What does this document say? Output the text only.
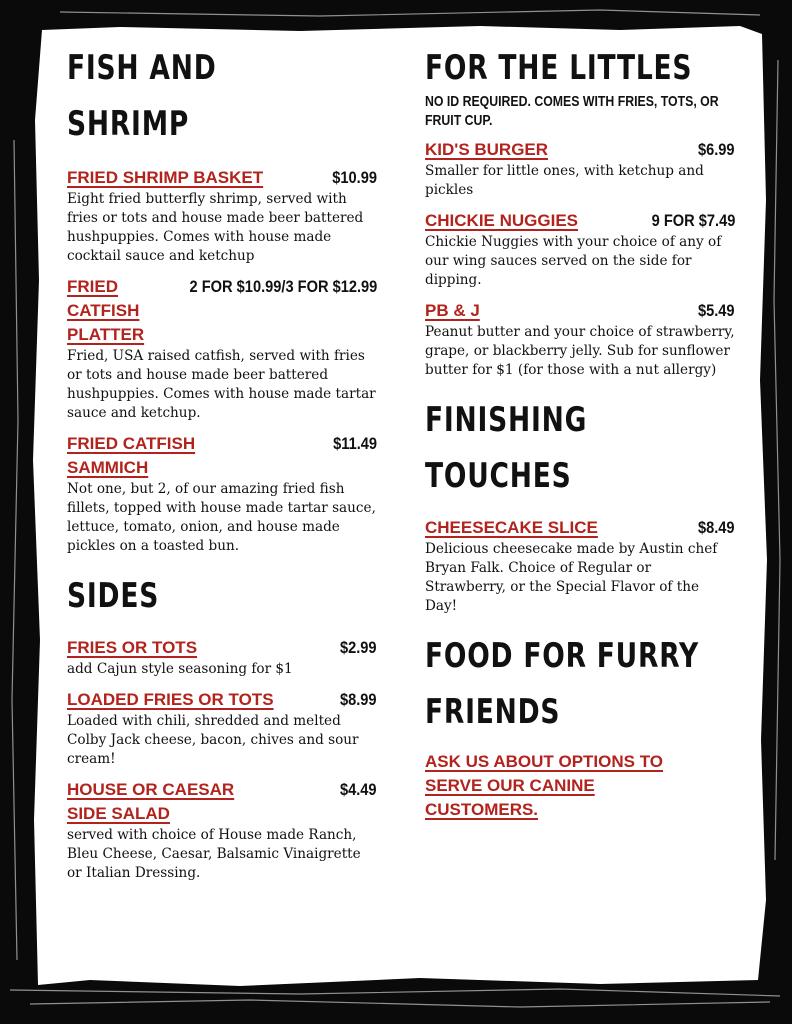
FISH AND
SHRIMP
FRIED SHRIMP BASKET	$10.99
Eight fried butterfly shrimp, served with fries or tots and house made beer battered hushpuppies. Comes with house made cocktail sauce and ketchup
FRIED
CATFISH PLATTER
2 FOR $10.99/3 FOR $12.99
Fried, USA raised catfish, served with fries or tots and house made beer battered hushpuppies. Comes with house made tartar sauce and ketchup.
FRIED CATFISH
SAMMICH
$11.49
Not one, but 2, of our amazing fried fish fillets, topped with house made tartar sauce, lettuce, tomato, onion, and house made pickles on a toasted bun.
SIDES
FRIES OR TOTS	$2.99
add Cajun style seasoning for $1
LOADED FRIES OR TOTS	$8.99
Loaded with chili, shredded and melted Colby Jack cheese, bacon, chives and sour cream!
HOUSE OR CAESAR
SIDE SALAD
$4.49
served with choice of House made Ranch, Bleu Cheese, Caesar, Balsamic Vinaigrette or Italian Dressing.
FOR THE LITTLES
NO ID REQUIRED. COMES WITH FRIES, TOTS, OR FRUIT CUP.
KID'S BURGER	$6.99
Smaller for little ones, with ketchup and pickles
CHICKIE NUGGIES	9 FOR $7.49
Chickie Nuggies with your choice of any of our wing sauces served on the side for dipping.
PB & J	$5.49
Peanut butter and your choice of strawberry, grape, or blackberry jelly. Sub for sunflower butter for $1 (for those with a nut allergy)
FINISHING
TOUCHES
CHEESECAKE SLICE	$8.49
Delicious cheesecake made by Austin chef Bryan Falk. Choice of Regular or Strawberry, or the Special Flavor of the Day!
FOOD FOR FURRY
FRIENDS
ASK US ABOUT OPTIONS TO
SERVE OUR CANINE
CUSTOMERS.
